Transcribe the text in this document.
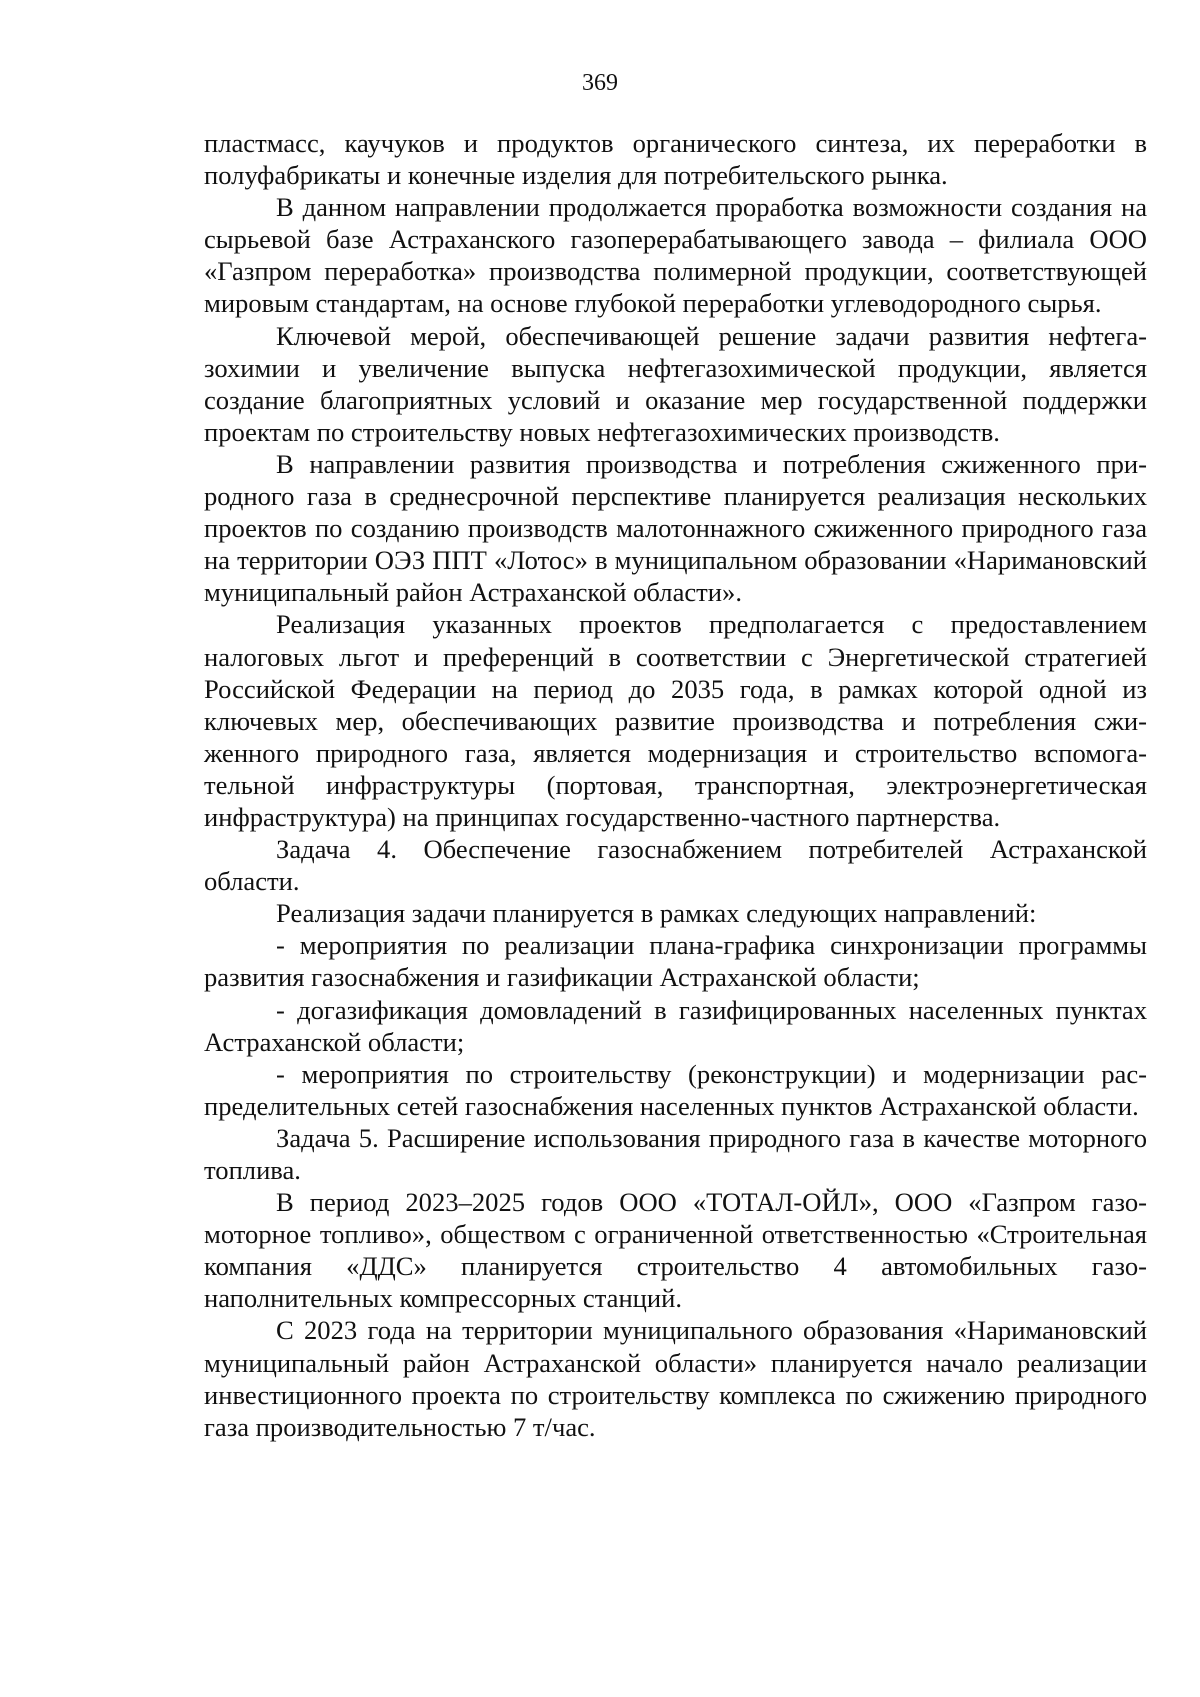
369

пластмасс, каучуков и продуктов органического синтеза, их переработки в полуфабрикаты и конечные изделия для потребительского рынка.

В данном направлении продолжается проработка возможности создания на сырьевой базе Астраханского газоперерабатывающего завода – филиала ООО «Газпром переработка» производства полимерной продукции, соответствующей мировым стандартам, на основе глубокой переработки углеводородного сырья.

Ключевой мерой, обеспечивающей решение задачи развития нефтегазохимии и увеличение выпуска нефтегазохимической продукции, является создание благоприятных условий и оказание мер государственной поддержки проектам по строительству новых нефтегазохимических производств.

В направлении развития производства и потребления сжиженного природного газа в среднесрочной перспективе планируется реализация нескольких проектов по созданию производств малотоннажного сжиженного природного газа на территории ОЭЗ ППТ «Лотос» в муниципальном образовании «Наримановский муниципальный район Астраханской области».

Реализация указанных проектов предполагается с предоставлением налоговых льгот и преференций в соответствии с Энергетической стратегией Российской Федерации на период до 2035 года, в рамках которой одной из ключевых мер, обеспечивающих развитие производства и потребления сжиженного природного газа, является модернизация и строительство вспомогательной инфраструктуры (портовая, транспортная, электроэнергетическая инфраструктура) на принципах государственно-частного партнерства.

Задача 4. Обеспечение газоснабжением потребителей Астраханской области.

Реализация задачи планируется в рамках следующих направлений:

- мероприятия по реализации плана-графика синхронизации программы развития газоснабжения и газификации Астраханской области;

- догазификация домовладений в газифицированных населенных пунктах Астраханской области;

- мероприятия по строительству (реконструкции) и модернизации распределительных сетей газоснабжения населенных пунктов Астраханской области.

Задача 5. Расширение использования природного газа в качестве моторного топлива.

В период 2023–2025 годов ООО «ТОТАЛ-ОЙЛ», ООО «Газпром газомоторное топливо», обществом с ограниченной ответственностью «Строительная компания «ДДС» планируется строительство 4 автомобильных газонаполнительных компрессорных станций.

С 2023 года на территории муниципального образования «Наримановский муниципальный район Астраханской области» планируется начало реализации инвестиционного проекта по строительству комплекса по сжижению природного газа производительностью 7 т/час.
